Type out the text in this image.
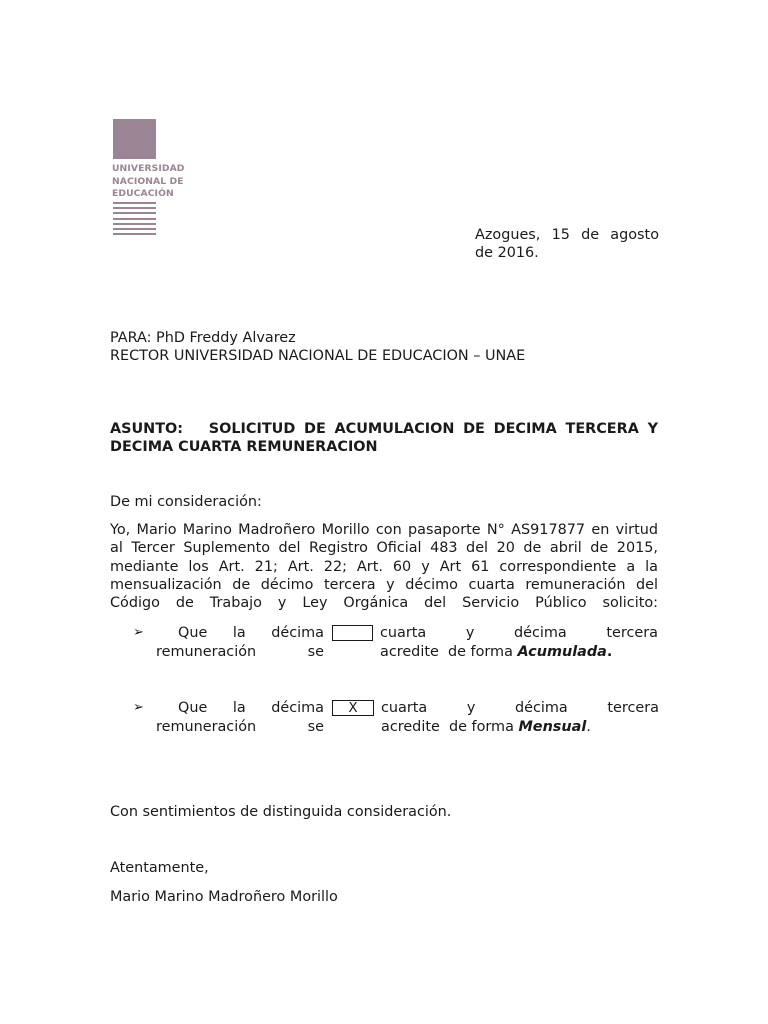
UNIVERSIDAD
NACIONAL DE
EDUCACIÓN
Azogues, 15 de agosto de 2016.
PARA: PhD Freddy Alvarez
RECTOR UNIVERSIDAD NACIONAL DE EDUCACION – UNAE
ASUNTO: SOLICITUD DE ACUMULACION DE DECIMA TERCERA Y DECIMA CUARTA REMUNERACION
De mi consideración:
Yo, Mario Marino Madroñero Morillo con pasaporte N° AS917877 en virtud al Tercer Suplemento del Registro Oficial 483 del 20 de abril de 2015, mediante los Art. 21; Art. 22; Art. 60 y Art 61 correspondiente a la mensualización de décimo tercera y décimo cuarta remuneración del Código de Trabajo y Ley Orgánica del Servicio Público solicito:
➢ Que la décima
remuneración	se
cuarta	y	décima	tercera
acredite  de forma Acumulada.
➢ Que la décima
remuneración	se
X	cuarta	y	décima	tercera
acredite  de forma Mensual.
Con sentimientos de distinguida consideración.
Atentamente,
Mario Marino Madroñero Morillo
